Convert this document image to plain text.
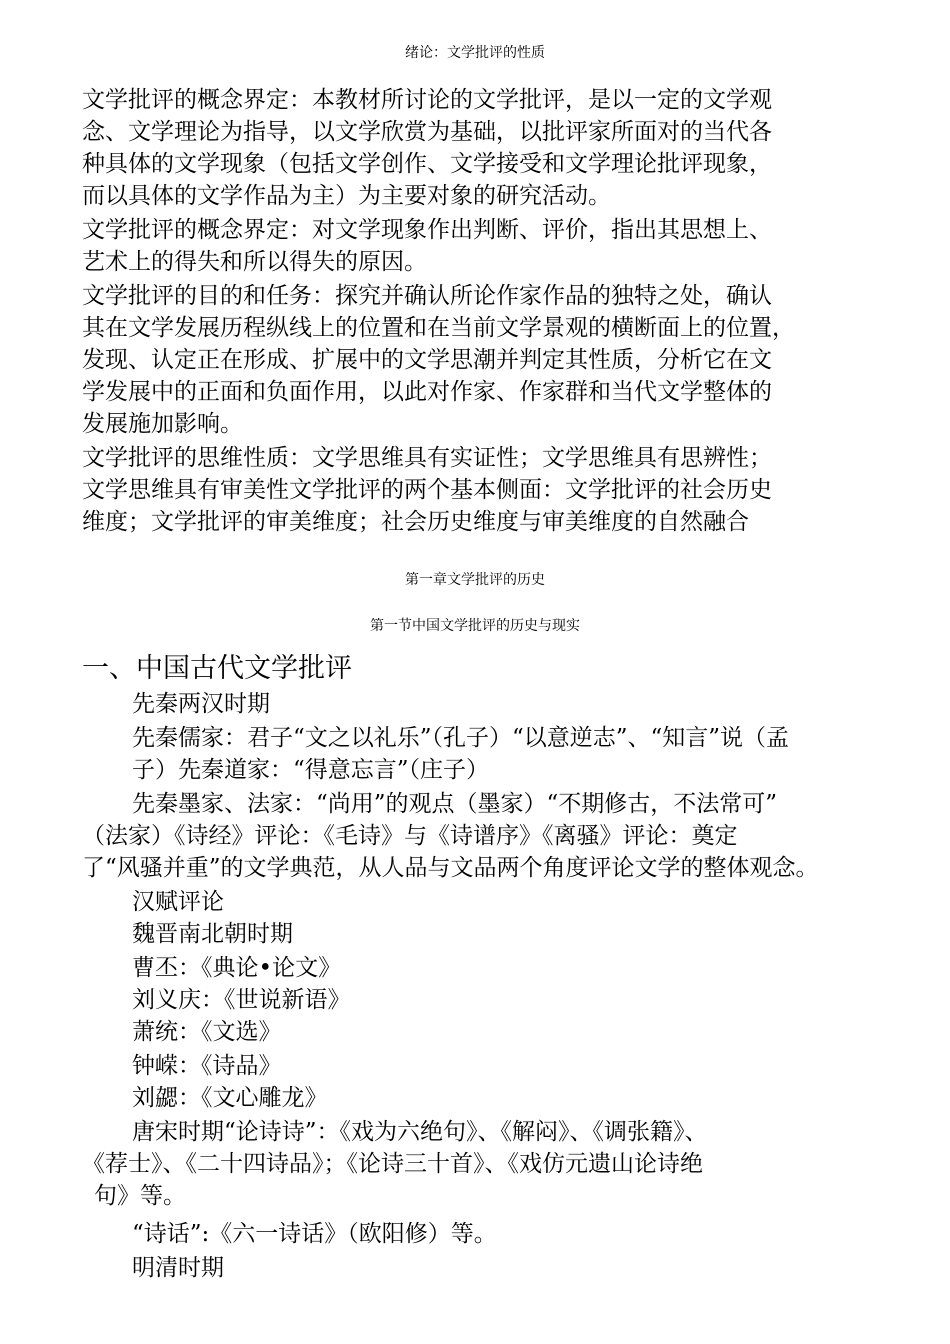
绪论：文学批评的性质
文学批评的概念界定：本教材所讨论的文学批评，是以一定的文学观
念、文学理论为指导，以文学欣赏为基础，以批评家所面对的当代各
种具体的文学现象（包括文学创作、文学接受和文学理论批评现象，
而以具体的文学作品为主）为主要对象的研究活动。
文学批评的概念界定：对文学现象作出判断、评价，指出其思想上、
艺术上的得失和所以得失的原因。
文学批评的目的和任务：探究并确认所论作家作品的独特之处，确认
其在文学发展历程纵线上的位置和在当前文学景观的横断面上的位置，
发现、认定正在形成、扩展中的文学思潮并判定其性质，分析它在文
学发展中的正面和负面作用，以此对作家、作家群和当代文学整体的
发展施加影响。
文学批评的思维性质：文学思维具有实证性；文学思维具有思辨性；
文学思维具有审美性文学批评的两个基本侧面：文学批评的社会历史
维度；文学批评的审美维度；社会历史维度与审美维度的自然融合
第一章文学批评的历史
第一节中国文学批评的历史与现实
一、中国古代文学批评
先秦两汉时期
先秦儒家：君子“文之以礼乐”（孔子）“以意逆志”、“知言”说（孟
子）先秦道家：“得意忘言”（庄子）
先秦墨家、法家：“尚用”的观点（墨家）“不期修古，不法常可”
（法家）《诗经》评论：《毛诗》与《诗谱序》《离骚》评论：奠定
了“风骚并重”的文学典范，从人品与文品两个角度评论文学的整体观念。
汉赋评论
魏晋南北朝时期
曹丕：《典论•论文》
刘义庆：《世说新语》
萧统：《文选》
钟嵘：《诗品》
刘勰：《文心雕龙》
唐宋时期“论诗诗”：《戏为六绝句》、《解闷》、《调张籍》、
《荐士》、《二十四诗品》；《论诗三十首》、《戏仿元遗山论诗绝
句》等。
“诗话”:《六一诗话》（欧阳修）等。
明清时期
